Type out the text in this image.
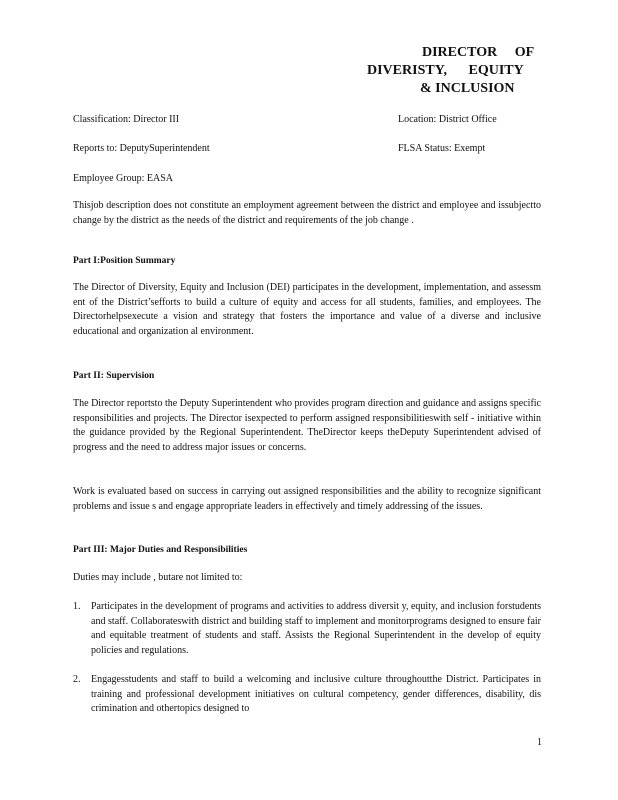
DIRECTOR OF
DIVERISTY, EQUITY
& INCLUSION
Classification: Director III	Location: District Office
Reports to: DeputySuperintendent	FLSA Status: Exempt
Employee Group: EASA
Thisjob description does not constitute an employment agreement between the district and employee and issubjectto change by the district as the needs of the district and requirements of the job change .
Part I:Position Summary
The Director of Diversity, Equity and Inclusion (DEI) participates in the development, implementation, and assessm ent of the District’sefforts to build a culture of equity and access for all students, families, and employees. The Directorhelpsexecute a vision and strategy that fosters the importance and value of a diverse and inclusive educational and organization al environment.
Part II: Supervision
The Director reportsto the Deputy Superintendent who provides program direction and guidance and assigns specific responsibilities and projects. The Director isexpected to perform assigned responsibilitieswith self - initiative within the guidance provided by the Regional Superintendent. TheDirector keeps theDeputy Superintendent advised of progress and the need to address major issues or concerns.
Work is evaluated based on success in carrying out assigned responsibilities and the ability to recognize significant problems and issue s and engage appropriate leaders in effectively and timely addressing of the issues.
Part III: Major Duties and Responsibilities
Duties may include , butare not limited to:
1. Participates in the development of programs and activities to address diversit y, equity, and inclusion forstudents and staff. Collaborateswith district and building staff to implement and monitorprograms designed to ensure fair and equitable treatment of students and staff. Assists the Regional Superintendent in the develop of equity policies and regulations.
2. Engagesstudents and staff to build a welcoming and inclusive culture throughoutthe District. Participates in training and professional development initiatives on cultural competency, gender differences, disability, dis crimination and othertopics designed to
1
